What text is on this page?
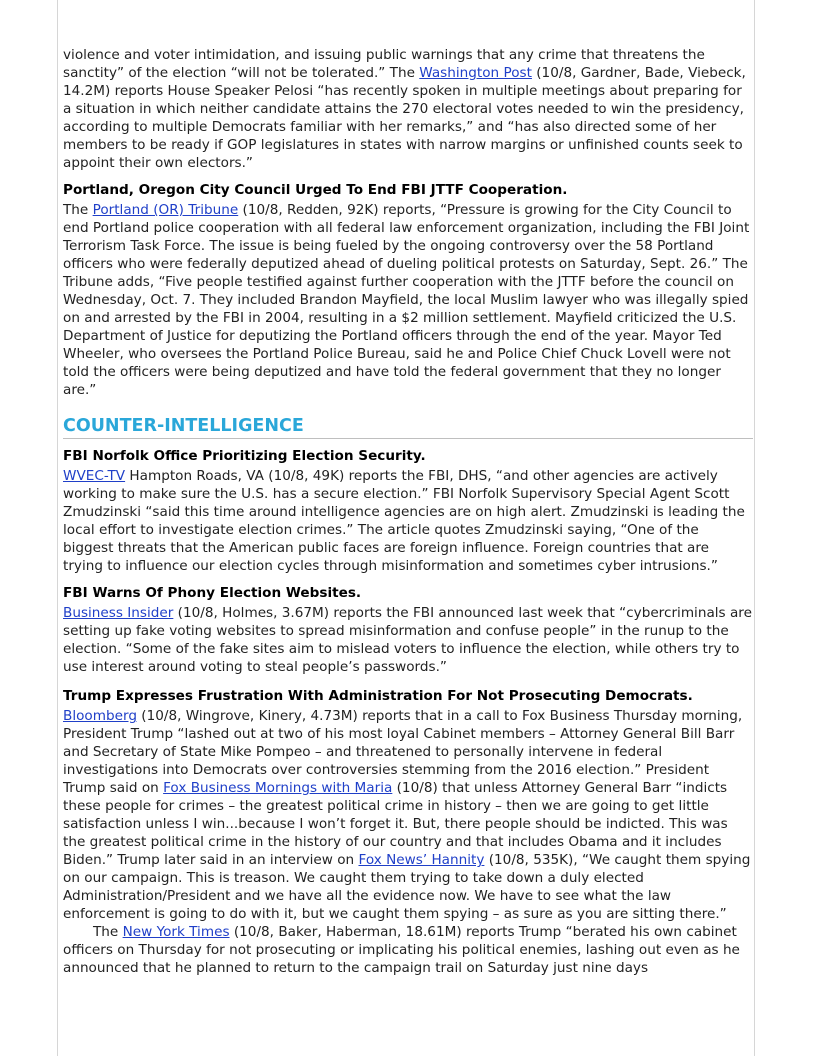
violence and voter intimidation, and issuing public warnings that any crime that threatens the sanctity” of the election “will not be tolerated.” The Washington Post (10/8, Gardner, Bade, Viebeck, 14.2M) reports House Speaker Pelosi “has recently spoken in multiple meetings about preparing for a situation in which neither candidate attains the 270 electoral votes needed to win the presidency, according to multiple Democrats familiar with her remarks,” and “has also directed some of her members to be ready if GOP legislatures in states with narrow margins or unfinished counts seek to appoint their own electors.”

Portland, Oregon City Council Urged To End FBI JTTF Cooperation.

The Portland (OR) Tribune (10/8, Redden, 92K) reports, “Pressure is growing for the City Council to end Portland police cooperation with all federal law enforcement organization, including the FBI Joint Terrorism Task Force. The issue is being fueled by the ongoing controversy over the 58 Portland officers who were federally deputized ahead of dueling political protests on Saturday, Sept. 26.” The Tribune adds, “Five people testified against further cooperation with the JTTF before the council on Wednesday, Oct. 7. They included Brandon Mayfield, the local Muslim lawyer who was illegally spied on and arrested by the FBI in 2004, resulting in a $2 million settlement. Mayfield criticized the U.S. Department of Justice for deputizing the Portland officers through the end of the year. Mayor Ted Wheeler, who oversees the Portland Police Bureau, said he and Police Chief Chuck Lovell were not told the officers were being deputized and have told the federal government that they no longer are.”

COUNTER-INTELLIGENCE

FBI Norfolk Office Prioritizing Election Security.

WVEC-TV Hampton Roads, VA (10/8, 49K) reports the FBI, DHS, “and other agencies are actively working to make sure the U.S. has a secure election.” FBI Norfolk Supervisory Special Agent Scott Zmudzinski “said this time around intelligence agencies are on high alert. Zmudzinski is leading the local effort to investigate election crimes.” The article quotes Zmudzinski saying, “One of the biggest threats that the American public faces are foreign influence. Foreign countries that are trying to influence our election cycles through misinformation and sometimes cyber intrusions.”

FBI Warns Of Phony Election Websites.

Business Insider (10/8, Holmes, 3.67M) reports the FBI announced last week that “cybercriminals are setting up fake voting websites to spread misinformation and confuse people” in the runup to the election. “Some of the fake sites aim to mislead voters to influence the election, while others try to use interest around voting to steal people’s passwords.”

Trump Expresses Frustration With Administration For Not Prosecuting Democrats.

Bloomberg (10/8, Wingrove, Kinery, 4.73M) reports that in a call to Fox Business Thursday morning, President Trump “lashed out at two of his most loyal Cabinet members – Attorney General Bill Barr and Secretary of State Mike Pompeo – and threatened to personally intervene in federal investigations into Democrats over controversies stemming from the 2016 election.” President Trump said on Fox Business Mornings with Maria (10/8) that unless Attorney General Barr “indicts these people for crimes – the greatest political crime in history – then we are going to get little satisfaction unless I win...because I won’t forget it. But, there people should be indicted. This was the greatest political crime in the history of our country and that includes Obama and it includes Biden.” Trump later said in an interview on Fox News’ Hannity (10/8, 535K), “We caught them spying on our campaign. This is treason. We caught them trying to take down a duly elected Administration/President and we have all the evidence now. We have to see what the law enforcement is going to do with it, but we caught them spying – as sure as you are sitting there.”

The New York Times (10/8, Baker, Haberman, 18.61M) reports Trump “berated his own cabinet officers on Thursday for not prosecuting or implicating his political enemies, lashing out even as he announced that he planned to return to the campaign trail on Saturday just nine days
